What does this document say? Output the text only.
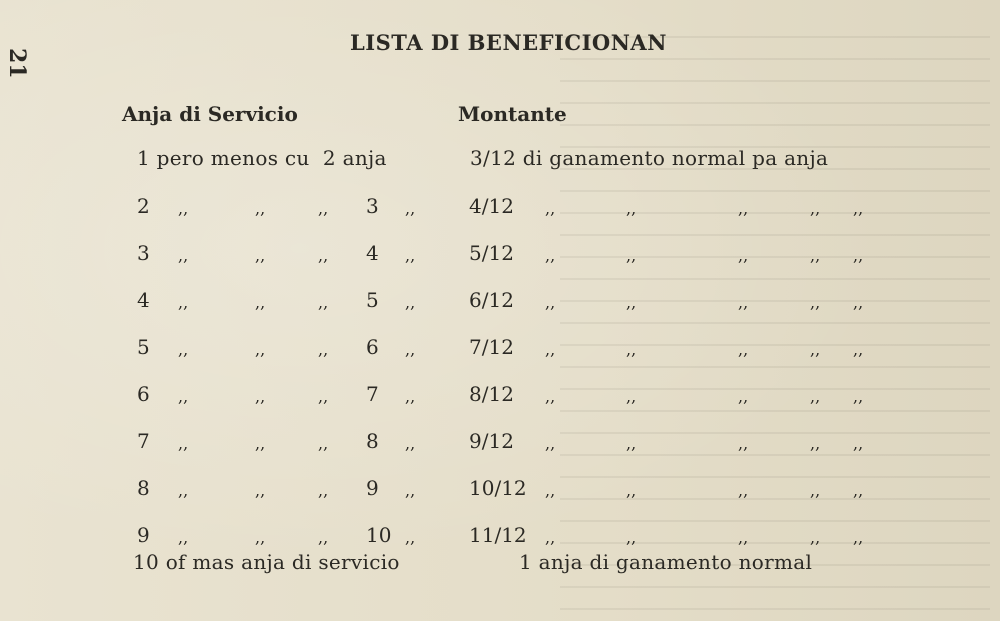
21
LISTA DI BENEFICIONAN
Anja di Servicio	Montante
1 pero menos cu  2 anja	3/12 di ganamento normal pa anja
2 ,,	,,	,, 3 ,,	4/12 ,,	,,	,,	,, ,,
3 ,,	,,	,, 4 ,,	5/12 ,,	,,	,,	,, ,,
4 ,,	,,	,, 5 ,,	6/12 ,,	,,	,,	,, ,,
5 ,,	,,	,, 6 ,,	7/12 ,,	,,	,,	,, ,,
6 ,,	,,	,, 7 ,,	8/12 ,,	,,	,,	,, ,,
7 ,,	,,	,, 8 ,,	9/12 ,,	,,	,,	,, ,,
8 ,,	,,	,, 9 ,,	10/12 ,,	,,	,,	,, ,,
9 ,,	,,	,, 10 ,,	11/12 ,,	,,	,,	,, ,,
10 of mas anja di servicio	1 anja di ganamento normal
